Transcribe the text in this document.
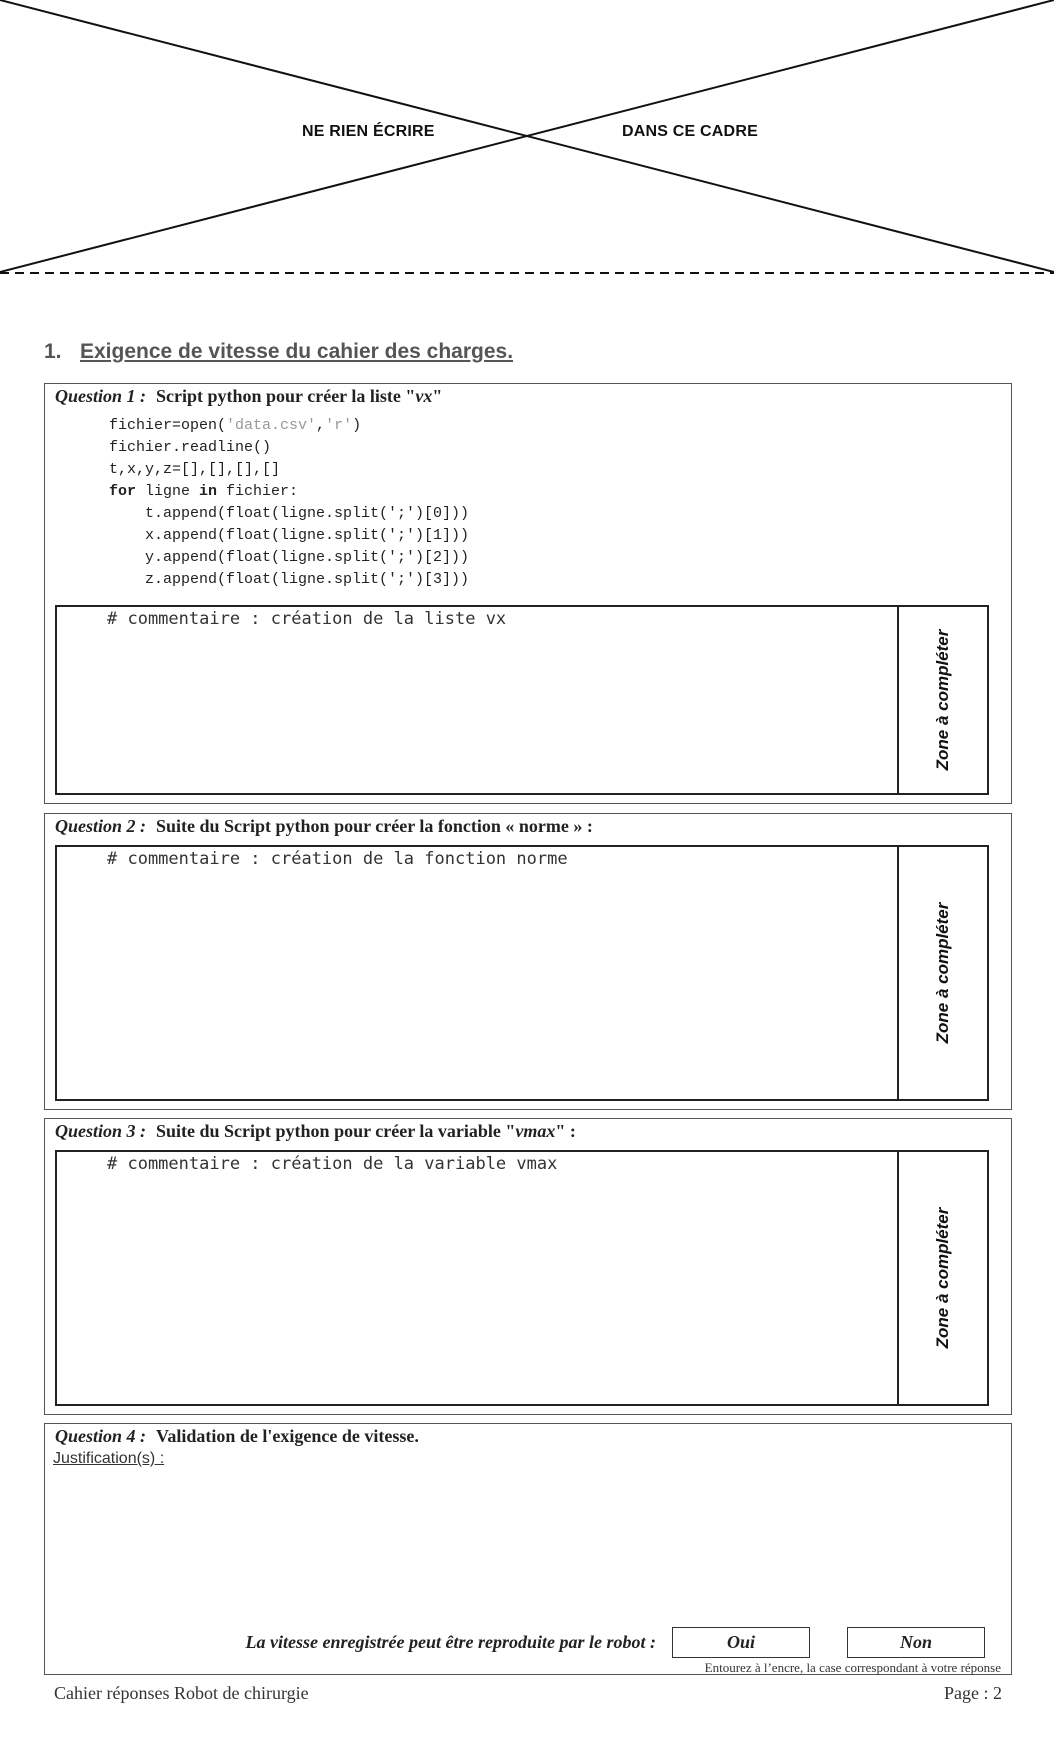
NE RIEN ÉCRIRE	DANS CE CADRE
1. Exigence de vitesse du cahier des charges.
Question 1 : Script python pour créer la liste "vx"
fichier=open('data.csv','r')
fichier.readline()
t,x,y,z=[],[],[],[]
for ligne in fichier:
t.append(float(ligne.split(';')[0]))
x.append(float(ligne.split(';')[1]))
y.append(float(ligne.split(';')[2]))
z.append(float(ligne.split(';')[3]))
# commentaire : création de la liste vx
Zone à compléter
Question 2 : Suite du Script python pour créer la fonction « norme » :
# commentaire : création de la fonction norme
Zone à compléter
Question 3 : Suite du Script python pour créer la variable "vmax" :
# commentaire : création de la variable vmax
Zone à compléter
Question 4 : Validation de l'exigence de vitesse.
Justification(s) :
La vitesse enregistrée peut être reproduite par le robot :	Oui	Non
Entourez à l’encre, la case correspondant à votre réponse
Cahier réponses Robot de chirurgie	Page : 2
